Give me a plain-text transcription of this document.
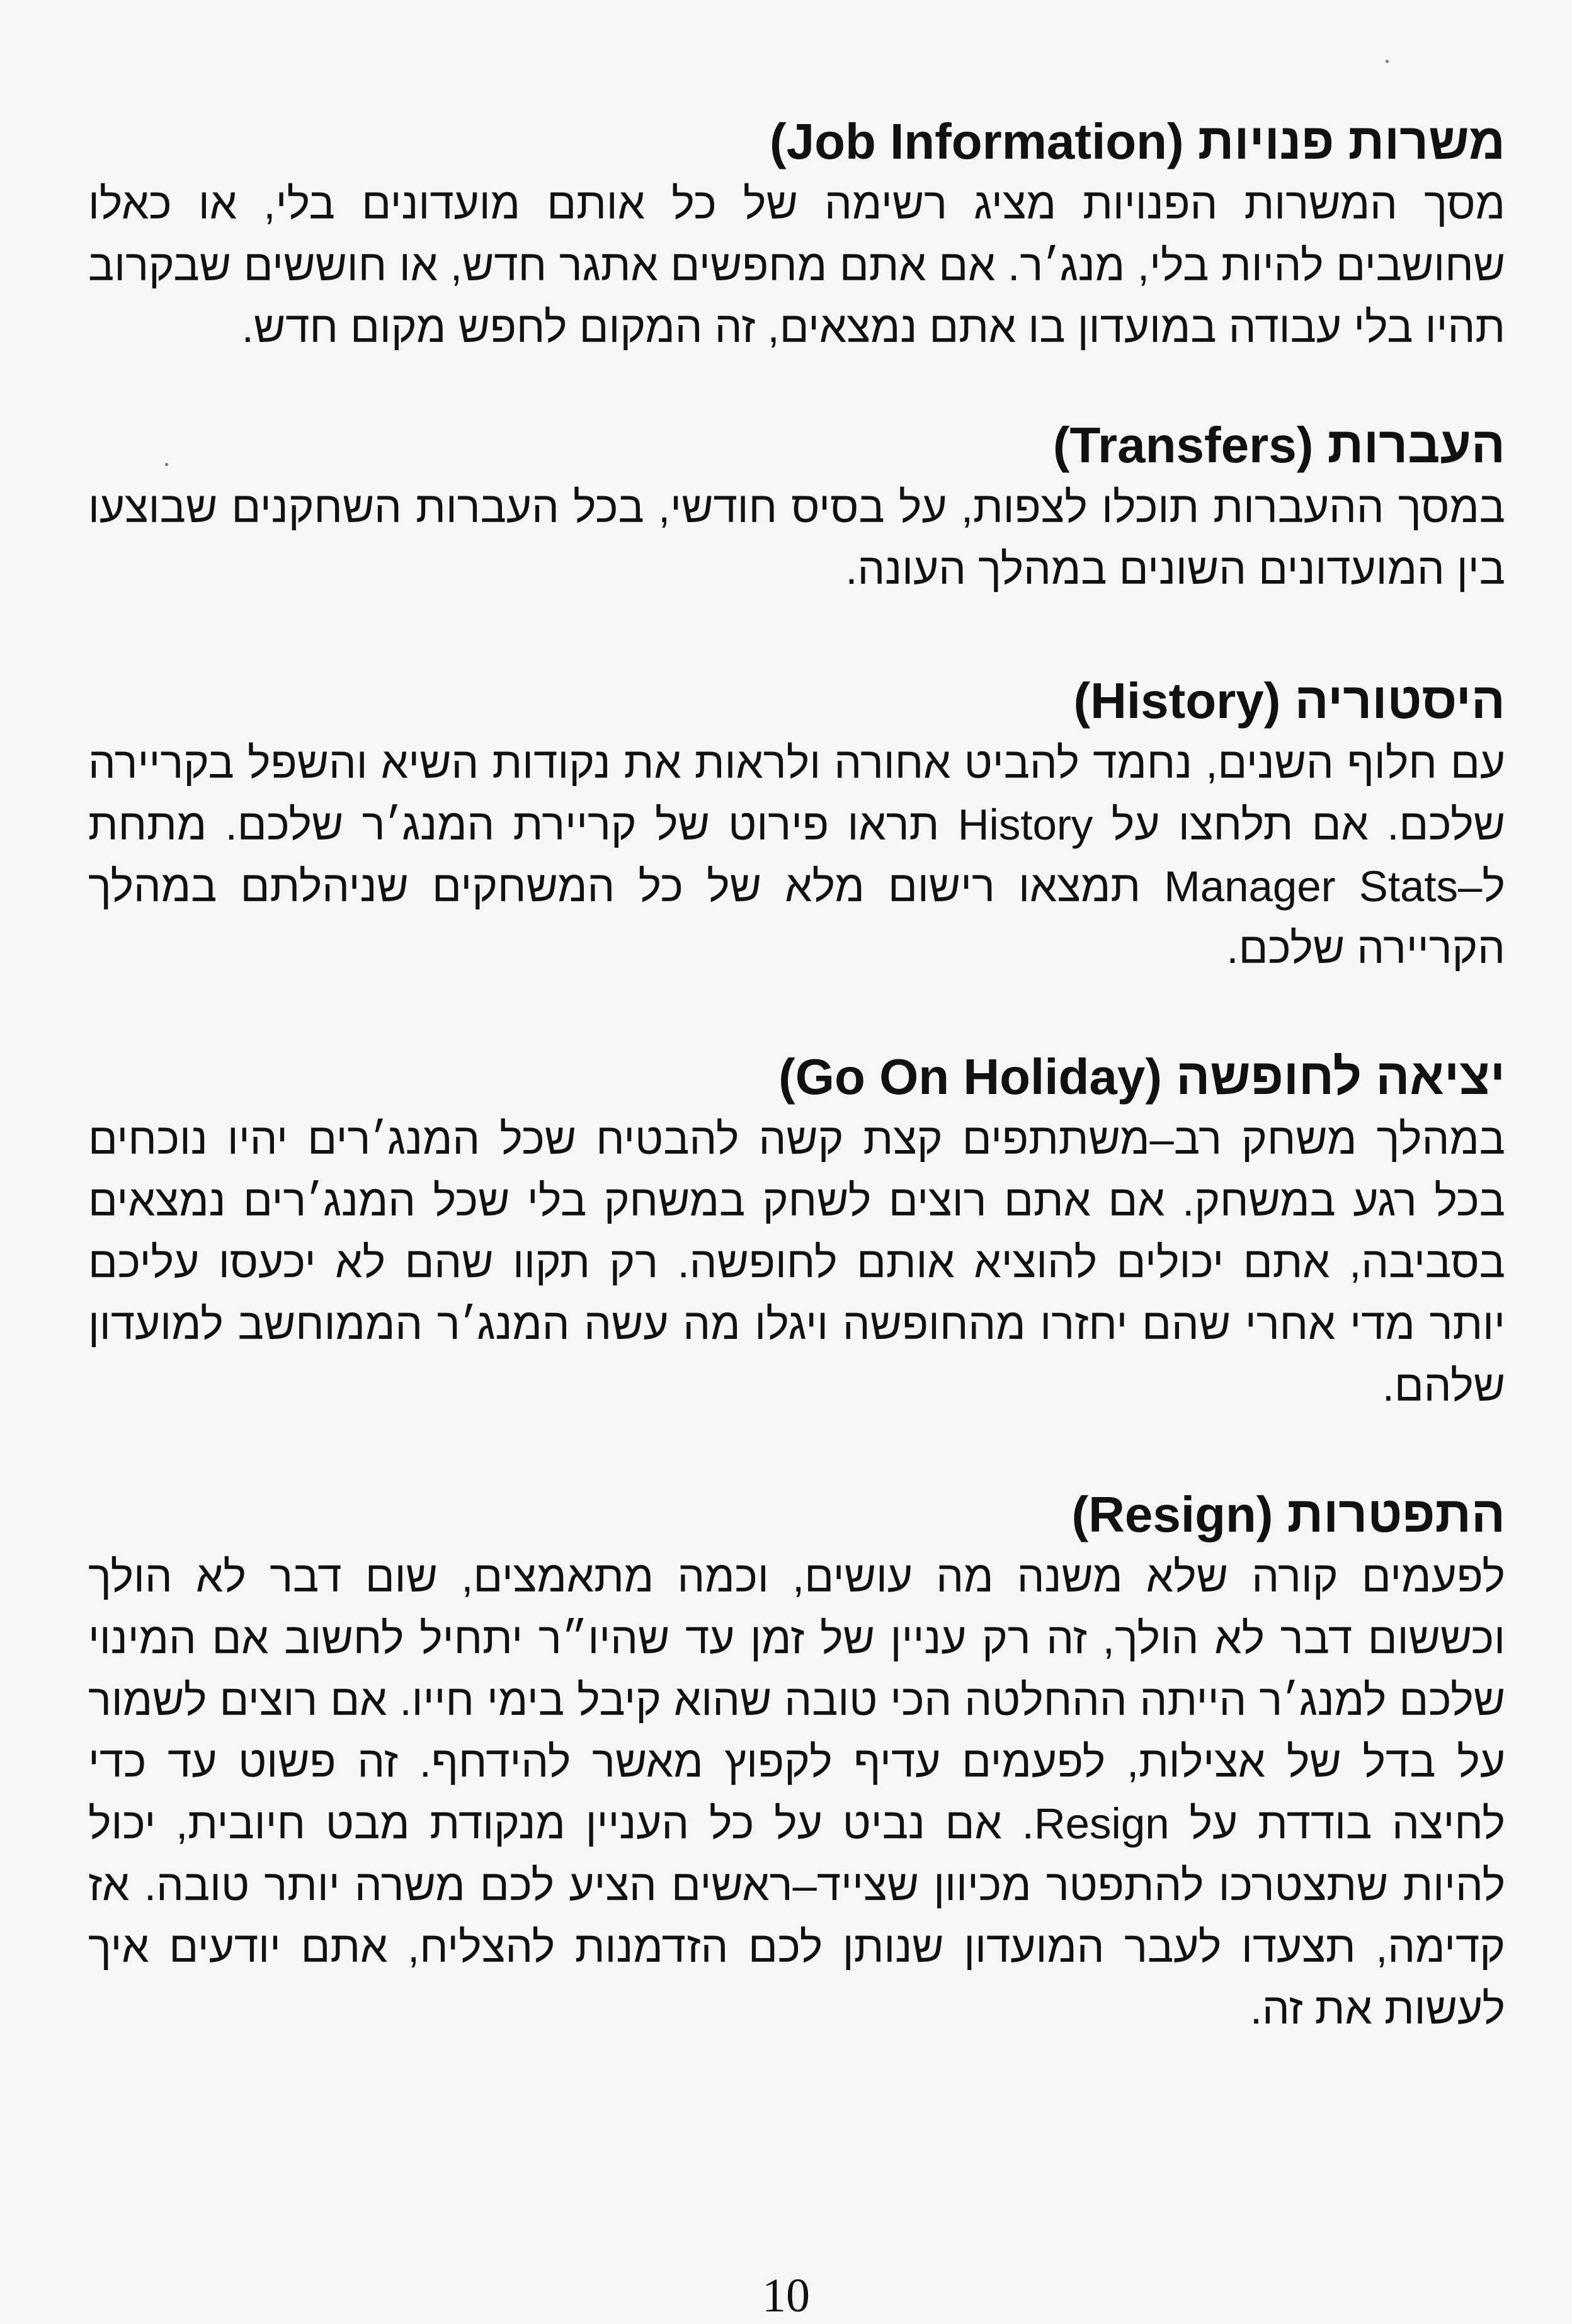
משרות פנויות (Job Information)

מסך המשרות הפנויות מציג רשימה של כל אותם מועדונים בלי, או כאלו שחושבים להיות בלי, מנג׳ר. אם אתם מחפשים אתגר חדש, או חוששים שבקרוב תהיו בלי עבודה במועדון בו אתם נמצאים, זה המקום לחפש מקום חדש.

העברות (Transfers)

במסך ההעברות תוכלו לצפות, על בסיס חודשי, בכל העברות השחקנים שבוצעו בין המועדונים השונים במהלך העונה.

היסטוריה (History)

עם חלוף השנים, נחמד להביט אחורה ולראות את נקודות השיא והשפל בקריירה שלכם. אם תלחצו על History תראו פירוט של קריירת המנג׳ר שלכם. מתחת ל–Manager Stats תמצאו רישום מלא של כל המשחקים שניהלתם במהלך הקריירה שלכם.

יציאה לחופשה (Go On Holiday)

במהלך משחק רב–משתתפים קצת קשה להבטיח שכל המנג׳רים יהיו נוכחים בכל רגע במשחק. אם אתם רוצים לשחק במשחק בלי שכל המנג׳רים נמצאים בסביבה, אתם יכולים להוציא אותם לחופשה. רק תקוו שהם לא יכעסו עליכם יותר מדי אחרי שהם יחזרו מהחופשה ויגלו מה עשה המנג׳ר הממוחשב למועדון שלהם.

התפטרות (Resign)

לפעמים קורה שלא משנה מה עושים, וכמה מתאמצים, שום דבר לא הולך וכששום דבר לא הולך, זה רק עניין של זמן עד שהיו״ר יתחיל לחשוב אם המינוי שלכם למנג׳ר הייתה ההחלטה הכי טובה שהוא קיבל בימי חייו. אם רוצים לשמור על בדל של אצילות, לפעמים עדיף לקפוץ מאשר להידחף. זה פשוט עד כדי לחיצה בודדת על Resign. אם נביט על כל העניין מנקודת מבט חיובית, יכול להיות שתצטרכו להתפטר מכיוון שצייד–ראשים הציע לכם משרה יותר טובה. אז קדימה, תצעדו לעבר המועדון שנותן לכם הזדמנות להצליח, אתם יודעים איך לעשות את זה.

10
